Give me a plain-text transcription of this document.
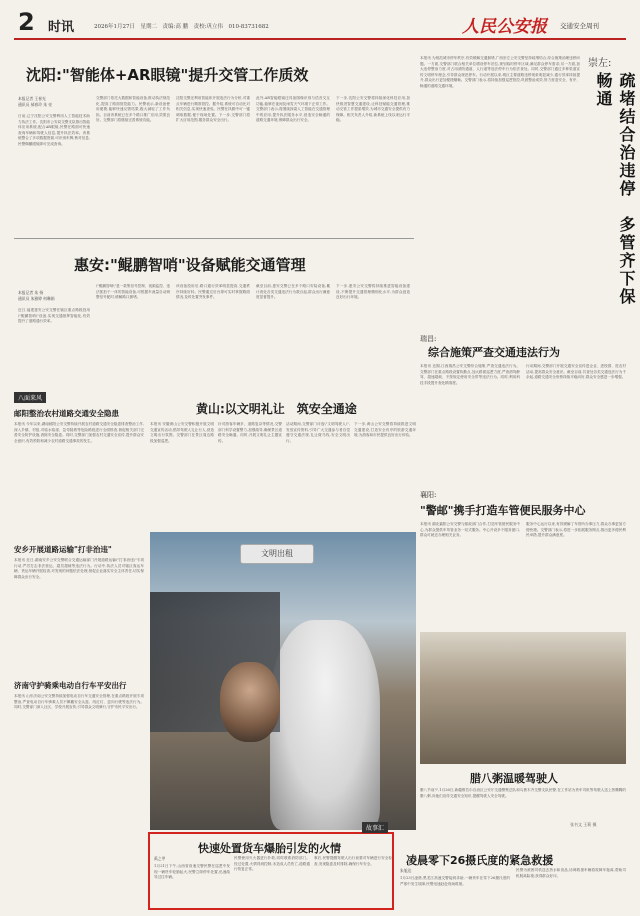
2 时讯	2026年1月27日　星期二　责编:高 鹏　责校:巩立伟　010-83731682	人民公安报 交通安全周刊
沈阳:"智能体+AR眼镜"提升交管工作质效
本报记者 王春光
通讯员 郝春玲 朱 亮
日前,辽宁沈阳公安交警利用人工智能技术助力执法工作。沈阳市公安局交警支队推出智能体应用系统,配合AR眼镜,民警在路面可快速查询车辆和驾驶人信息,提升执法效率。该系统整合了多项数据资源,可识别车牌,核对信息,民警佩戴眼镜即可完成查询。
交警部门依托大数据和智能设备,推动执法规范化,提高了路面管控能力。民警表示,新设备使用便捷,能够快速反馈结果,极大减轻了工作负担。目前该系统已在多个路口推广应用,效果良好。交警部门将继续完善系统功能。
沈阳交警还利用智能体开展违法行为分析,对重点车辆进行精准管控。据介绍,系统可自动比对相关信息,实现快速查验。民警在执勤中可一键调取数据,便于现场处置。下一步,交警部门将扩大应用范围,服务群众安全出行。
此外,AR智能眼镜还具备图像识别与语音交互功能,能够在夜间及雨雪天气环境下正常工作。交警部门表示,将继续探索人工智能在交通管理中的应用,提升执法服务水平,营造安全畅通的道路交通环境,保障群众出行安全。
下一步,沈阳公安交警将持续深化科技应用,加快推进智慧交通建设,让科技赋能交通管理,推动交管工作提质增效,为城市交通安全提供有力保障。相关负责人介绍,新系统上线以来运行平稳。
惠安:"鲲鹏智哨"设备赋能交通管理
本报记者 朱 扬
通讯员 朱雅婷 何琳娟
近日,福建惠安公安交警在辖区重点路段投用\"鲲鹏智哨\"设备,实现交通指挥智能化,有效提升了道路通行效率。
\"鲲鹏智哨\"是一款集信号控制、视频监控、违法抓拍于一体的智能设备,可根据车流量自动调整信号配时,缓解路口拥堵。
该设备投用后,路口通行效率明显提高,交通秩序持续好转。民警通过后台即可实时掌握路面情况,及时处置突发事件。
截至目前,惠安交警已在多个路口安装设备,累计查处各类交通违法行为数百起,群众出行满意度显著提升。
下一步,惠安公安交警将持续推进智能设备建设,不断提升交通管理精细化水平,为群众创造良好出行环境。
本报讯 为规范城市停车秩序,有效缓解交通拥堵,广西崇左公安交警坚持疏堵结合,综合施策治理违停问题。一方面,交警部门联合相关单位增设停车泊位,规划临时停车区域,满足群众停车需求;另一方面,加大违停整治力度,对占用消防通道、人行道等违法停车行为依法查处。同时,交警部门通过多种渠道宣传文明停车理念,引导群众规范停车。行动开展以来,城区主要道路违停现象明显减少,通行效率持续提升,群众出行更加便捷顺畅。交警部门表示,将持续加强巡逻管控,巩固整治成效,努力营造安全、有序、畅通的道路交通环境。
崇左:
疏堵结合治违停　多管齐下保畅通
瑞昌:
综合施策严查交通违法行为
本报讯 近期,江西瑞昌公安交警综合施策,严查交通违法行为。交警部门在重点路段设置执勤点,加大路面巡逻力度,严查酒驾醉驾、超速超载、不按规定使用安全带等违法行为。同时,利用科技手段提升查处精准度。
行动期间,交警部门开展交通安全宣传进企业、进校园、进农村活动,提高群众安全意识。截至目前,共查处各类交通违法行为千余起,道路交通安全形势持续平稳向好,群众安全感进一步增强。
襄阳:
"警邮"携手打造车管便民服务中心
本报讯 湖北襄阳公安交警与邮政部门合作,打造车管便民服务中心,为群众提供车驾管业务一站式服务。中心开设多个服务窗口,群众可就近办理相关业务。
服务中心运行以来,有效缓解了车管所办事压力,群众办事更加方便快捷。交警部门表示,将进一步拓展服务网点,推出更多便民利民举措,提升群众满意度。
腊八粥温暖驾驶人
腊八节前夕,1月26日,新疆维吾尔自治区公安厅交通警察总队和乌鲁木齐交警支队民警,在工作站为货车司机等驾驶人送上热腾腾的腊八粥,向他们宣传交通安全知识,提醒驾驶人安全驾驶。
张书文 王莉 摄
八面来风
邮阳整治农村道路交通安全隐患
本报讯 今年以来,湖南邮阳公安交警持续开展农村道路交通安全隐患排查整治工作,深入乡镇、村组,对临水临崖、急弯陡坡等危险路段进行全面排查,督促相关部门完善安全防护设施,消除安全隐患。同时,交警部门加强农村交通安全宣传,提升群众安全意识,有效预防和减少农村道路交通事故的发生。
安乡开展道路运输"打非治违"
本报讯 近日,湖南安乡公安交警联合交通运输部门开展道路运输\"打非治违\"专项行动,严厉打击非法营运、超员超载等违法行为。行动中,执法人员对辖区客运车辆、货运车辆开展检查,对发现的问题依法处理,督促企业落实安全主体责任,切实保障群众出行安全。
济南守护骑乘电动自行车平安出行
本报讯 山东济南公安交警持续加强电动自行车交通安全管理,在重点路段开展专项整治,严查电动自行车骑乘人员不佩戴安全头盔、闯红灯、逆向行驶等违法行为。同时,交警部门深入社区、学校开展宣传,引导群众文明骑行,守护市民平安出行。
黄山:以文明礼让　筑安全通途
本报讯 安徽黄山公安交警积极开展文明交通宣传活动,倡导驾驶人礼让行人,营造文明出行氛围。交警部门在景区周边路段加强巡逻。
针对游客车辆多、道路复杂等情况,交警部门科学设置警力,加强疏导,确保景区道路安全畅通。同时,开展文明礼让主题宣传。
活动期间,交警部门评选\"文明驾驶人\",发放宣传资料,引导广大交通参与者自觉遵守交通法规,礼让斑马线,安全文明出行。
下一步,黄山公安交警将持续推进文明交通建设,打造安全有序的旅游交通环境,为游客和市民提供良好出行体验。
文明出租
故事汇
快速处置货车爆胎引发的火情
禹之甲
1月21日下午,山西省高速交警民警在巡逻中发现一辆货车轮胎起火,民警立即停车处置,迅速疏导过往车辆。
民警使用灭火器进行扑救,同时联系消防部门。经过处置,火情得到控制,未造成人员伤亡,道路通行恢复正常。
事后,民警提醒驾驶人出行前要对车辆进行安全检查,发现隐患及时排除,确保行车安全。	凌晨零下26摄氏度的紧急救援
朱旭达
1月23日凌晨,黑龙江高速交警接到求助,一辆货车在零下26摄氏度的严寒中发生故障,民警迅速赶赴现场救援。
民警为被困司机送去热水和食品,协调救援车辆将故障车拖离,帮助司机脱离险境,获得群众好评。
